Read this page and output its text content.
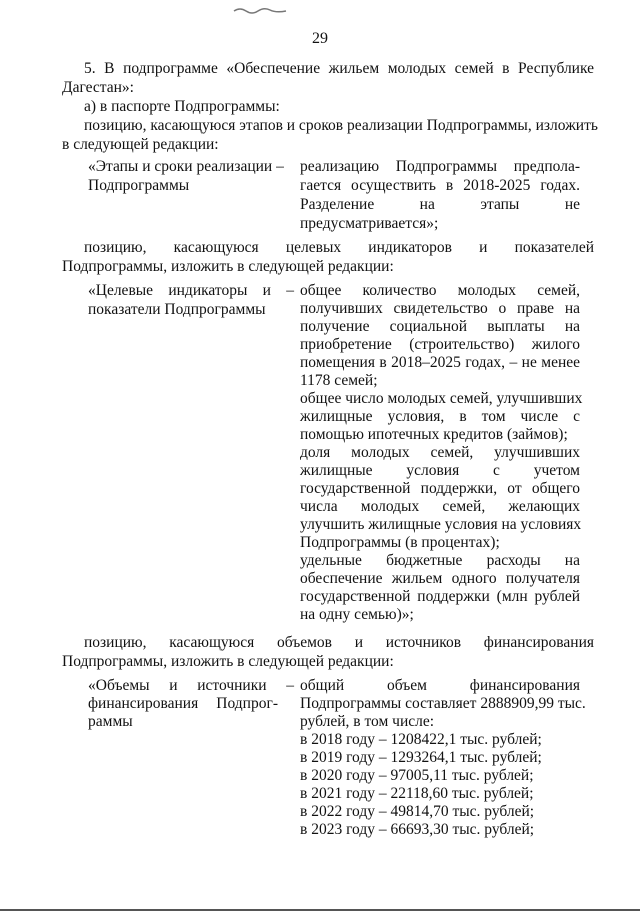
29
5. В подпрограмме «Обеспечение жильем молодых семей в Республике
Дагестан»:
а) в паспорте Подпрограммы:
позицию, касающуюся этапов и сроков реализации Подпрограммы, изложить
в следующей редакции:
«Этапы и сроки реализации –
Подпрограммы
реализацию Подпрограммы предпола-
гается осуществить в 2018-2025 годах.
Разделение на этапы не
предусматривается»;
позицию, касающуюся целевых индикаторов и показателей
Подпрограммы, изложить в следующей редакции:
«Целевые индикаторы и –
показатели Подпрограммы
общее количество молодых семей,
получивших свидетельство о праве на
получение социальной выплаты на
приобретение (строительство) жилого
помещения в 2018–2025 годах, – не менее
1178 семей;
общее число молодых семей, улучшивших
жилищные условия, в том числе с
помощью ипотечных кредитов (займов);
доля молодых семей, улучшивших
жилищные условия с учетом
государственной поддержки, от общего
числа молодых семей, желающих
улучшить жилищные условия на условиях
Подпрограммы (в процентах);
удельные бюджетные расходы на
обеспечение жильем одного получателя
государственной поддержки (млн рублей
на одну семью)»;
позицию, касающуюся объемов и источников финансирования
Подпрограммы, изложить в следующей редакции:
«Объемы и источники –
финансирования Подпрог-
раммы
общий объем финансирования
Подпрограммы составляет 2888909,99 тыс.
рублей, в том числе:
в 2018 году – 1208422,1 тыс. рублей;
в 2019 году – 1293264,1 тыс. рублей;
в 2020 году – 97005,11 тыс. рублей;
в 2021 году – 22118,60 тыс. рублей;
в 2022 году – 49814,70 тыс. рублей;
в 2023 году – 66693,30 тыс. рублей;
